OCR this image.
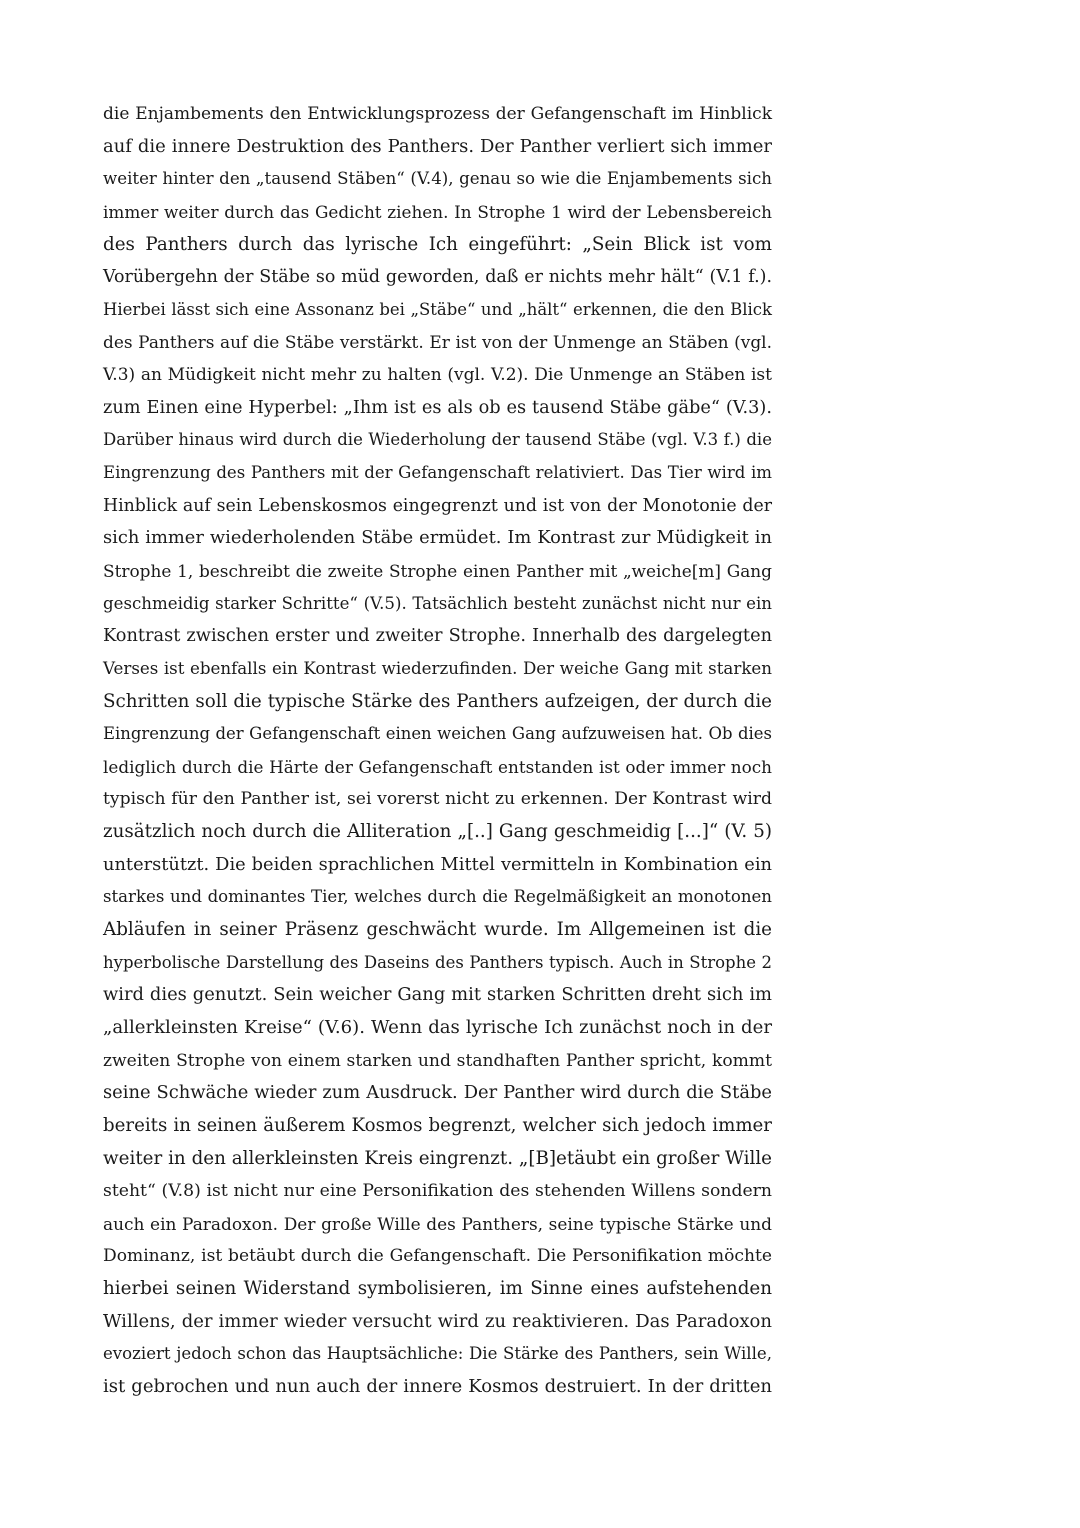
die Enjambements den Entwicklungsprozess der Gefangenschaft im Hinblick
auf die innere Destruktion des Panthers. Der Panther verliert sich immer
weiter hinter den „tausend Stäben“ (V.4), genau so wie die Enjambements sich
immer weiter durch das Gedicht ziehen. In Strophe 1 wird der Lebensbereich
des Panthers durch das lyrische Ich eingeführt: „Sein Blick ist vom
Vorübergehn der Stäbe so müd geworden, daß er nichts mehr hält“ (V.1 f.).
Hierbei lässt sich eine Assonanz bei „Stäbe“ und „hält“ erkennen, die den Blick
des Panthers auf die Stäbe verstärkt. Er ist von der Unmenge an Stäben (vgl.
V.3) an Müdigkeit nicht mehr zu halten (vgl. V.2). Die Unmenge an Stäben ist
zum Einen eine Hyperbel: „Ihm ist es als ob es tausend Stäbe gäbe“ (V.3).
Darüber hinaus wird durch die Wiederholung der tausend Stäbe (vgl. V.3 f.) die
Eingrenzung des Panthers mit der Gefangenschaft relativiert. Das Tier wird im
Hinblick auf sein Lebenskosmos eingegrenzt und ist von der Monotonie der
sich immer wiederholenden Stäbe ermüdet. Im Kontrast zur Müdigkeit in
Strophe 1, beschreibt die zweite Strophe einen Panther mit „weiche[m] Gang
geschmeidig starker Schritte“ (V.5). Tatsächlich besteht zunächst nicht nur ein
Kontrast zwischen erster und zweiter Strophe. Innerhalb des dargelegten
Verses ist ebenfalls ein Kontrast wiederzufinden. Der weiche Gang mit starken
Schritten soll die typische Stärke des Panthers aufzeigen, der durch die
Eingrenzung der Gefangenschaft einen weichen Gang aufzuweisen hat. Ob dies
lediglich durch die Härte der Gefangenschaft entstanden ist oder immer noch
typisch für den Panther ist, sei vorerst nicht zu erkennen. Der Kontrast wird
zusätzlich noch durch die Alliteration „[..] Gang geschmeidig [...]“ (V. 5)
unterstützt. Die beiden sprachlichen Mittel vermitteln in Kombination ein
starkes und dominantes Tier, welches durch die Regelmäßigkeit an monotonen
Abläufen in seiner Präsenz geschwächt wurde. Im Allgemeinen ist die
hyperbolische Darstellung des Daseins des Panthers typisch. Auch in Strophe 2
wird dies genutzt. Sein weicher Gang mit starken Schritten dreht sich im
„allerkleinsten Kreise“ (V.6). Wenn das lyrische Ich zunächst noch in der
zweiten Strophe von einem starken und standhaften Panther spricht, kommt
seine Schwäche wieder zum Ausdruck. Der Panther wird durch die Stäbe
bereits in seinen äußerem Kosmos begrenzt, welcher sich jedoch immer
weiter in den allerkleinsten Kreis eingrenzt. „[B]etäubt ein großer Wille
steht“ (V.8) ist nicht nur eine Personifikation des stehenden Willens sondern
auch ein Paradoxon. Der große Wille des Panthers, seine typische Stärke und
Dominanz, ist betäubt durch die Gefangenschaft. Die Personifikation möchte
hierbei seinen Widerstand symbolisieren, im Sinne eines aufstehenden
Willens, der immer wieder versucht wird zu reaktivieren. Das Paradoxon
evoziert jedoch schon das Hauptsächliche: Die Stärke des Panthers, sein Wille,
ist gebrochen und nun auch der innere Kosmos destruiert. In der dritten
